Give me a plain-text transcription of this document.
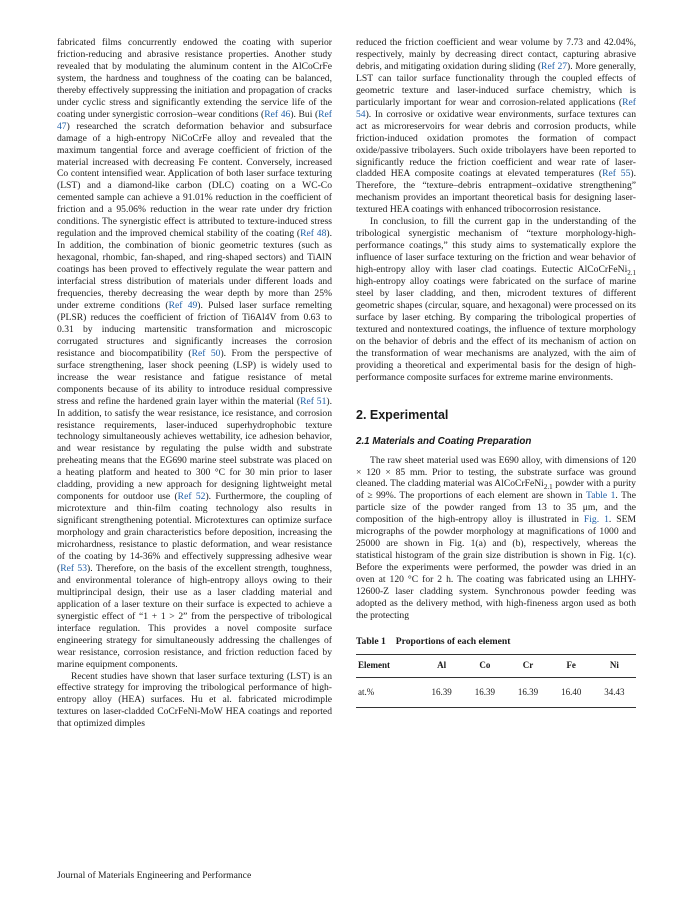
fabricated films concurrently endowed the coating with superior friction-reducing and abrasive resistance properties. Another study revealed that by modulating the aluminum content in the AlCoCrFe system, the hardness and toughness of the coating can be balanced, thereby effectively suppressing the initiation and propagation of cracks under cyclic stress and significantly extending the service life of the coating under synergistic corrosion–wear conditions (Ref 46). Bui (Ref 47) researched the scratch deformation behavior and subsurface damage of a high-entropy NiCoCrFe alloy and revealed that the maximum tangential force and average coefficient of friction of the material increased with decreasing Fe content. Conversely, increased Co content intensified wear. Application of both laser surface texturing (LST) and a diamond-like carbon (DLC) coating on a WC-Co cemented sample can achieve a 91.01% reduction in the coefficient of friction and a 95.06% reduction in the wear rate under dry friction conditions. The synergistic effect is attributed to texture-induced stress regulation and the improved chemical stability of the coating (Ref 48). In addition, the combination of bionic geometric textures (such as hexagonal, rhombic, fan-shaped, and ring-shaped sectors) and TiAlN coatings has been proved to effectively regulate the wear pattern and interfacial stress distribution of materials under different loads and frequencies, thereby decreasing the wear depth by more than 25% under extreme conditions (Ref 49). Pulsed laser surface remelting (PLSR) reduces the coefficient of friction of Ti6Al4V from 0.63 to 0.31 by inducing martensitic transformation and microscopic corrugated structures and significantly increases the corrosion resistance and biocompatibility (Ref 50). From the perspective of surface strengthening, laser shock peening (LSP) is widely used to increase the wear resistance and fatigue resistance of metal components because of its ability to introduce residual compressive stress and refine the hardened grain layer within the material (Ref 51). In addition, to satisfy the wear resistance, ice resistance, and corrosion resistance requirements, laser-induced superhydrophobic texture technology simultaneously achieves wettability, ice adhesion behavior, and wear resistance by regulating the pulse width and substrate preheating means that the EG690 marine steel substrate was placed on a heating platform and heated to 300 °C for 30 min prior to laser cladding, providing a new approach for designing lightweight metal components for outdoor use (Ref 52). Furthermore, the coupling of microtexture and thin-film coating technology also results in significant strengthening potential. Microtextures can optimize surface morphology and grain characteristics before deposition, increasing the microhardness, resistance to plastic deformation, and wear resistance of the coating by 14-36% and effectively suppressing adhesive wear (Ref 53). Therefore, on the basis of the excellent strength, toughness, and environmental tolerance of high-entropy alloys owing to their multiprincipal design, their use as a laser cladding material and application of a laser texture on their surface is expected to achieve a synergistic effect of “1 + 1 > 2” from the perspective of tribological interface regulation. This provides a novel composite surface engineering strategy for simultaneously addressing the challenges of wear resistance, corrosion resistance, and friction reduction faced by marine equipment components.

Recent studies have shown that laser surface texturing (LST) is an effective strategy for improving the tribological performance of high-entropy alloy (HEA) surfaces. Hu et al. fabricated microdimple textures on laser-cladded CoCrFeNi-MoW HEA coatings and reported that optimized dimples

reduced the friction coefficient and wear volume by 7.73 and 42.04%, respectively, mainly by decreasing direct contact, capturing abrasive debris, and mitigating oxidation during sliding (Ref 27). More generally, LST can tailor surface functionality through the coupled effects of geometric texture and laser-induced surface chemistry, which is particularly important for wear and corrosion-related applications (Ref 54). In corrosive or oxidative wear environments, surface textures can act as microreservoirs for wear debris and corrosion products, while friction-induced oxidation promotes the formation of compact oxide/passive tribolayers. Such oxide tribolayers have been reported to significantly reduce the friction coefficient and wear rate of laser-cladded HEA composite coatings at elevated temperatures (Ref 55). Therefore, the “texture–debris entrapment–oxidative strengthening” mechanism provides an important theoretical basis for designing laser-textured HEA coatings with enhanced tribocorrosion resistance.

In conclusion, to fill the current gap in the understanding of the tribological synergistic mechanism of “texture morphology-high-performance coatings,” this study aims to systematically explore the influence of laser surface texturing on the friction and wear behavior of high-entropy alloy with laser clad coatings. Eutectic AlCoCrFeNi$_{2.1}$ high-entropy alloy coatings were fabricated on the surface of marine steel by laser cladding, and then, microdent textures of different geometric shapes (circular, square, and hexagonal) were processed on its surface by laser etching. By comparing the tribological properties of textured and nontextured coatings, the influence of texture morphology on the behavior of debris and the effect of its mechanism of action on the transformation of wear mechanisms are analyzed, with the aim of providing a theoretical and experimental basis for the design of high-performance composite surfaces for extreme marine environments.

2. Experimental
2.1 Materials and Coating Preparation

The raw sheet material used was E690 alloy, with dimensions of 120 × 120 × 85 mm. Prior to testing, the substrate surface was ground cleaned. The cladding material was AlCoCrFeNi$_{2.1}$ powder with a purity of ≥ 99%. The proportions of each element are shown in Table 1. The particle size of the powder ranged from 13 to 35 μm, and the composition of the high-entropy alloy is illustrated in Fig. 1. SEM micrographs of the powder morphology at magnifications of 1000 and 25000 are shown in Fig. 1(a) and (b), respectively, whereas the statistical histogram of the grain size distribution is shown in Fig. 1(c). Before the experiments were performed, the powder was dried in an oven at 120 °C for 2 h. The coating was fabricated using an LHHY-12600-Z laser cladding system. Synchronous powder feeding was adopted as the delivery method, with high-fineness argon used as both the protecting

Table 1 Proportions of each element
Element	Al	Co	Cr	Fe	Ni
at.%	16.39	16.39	16.39	16.40	34.43
Journal of Materials Engineering and Performance
